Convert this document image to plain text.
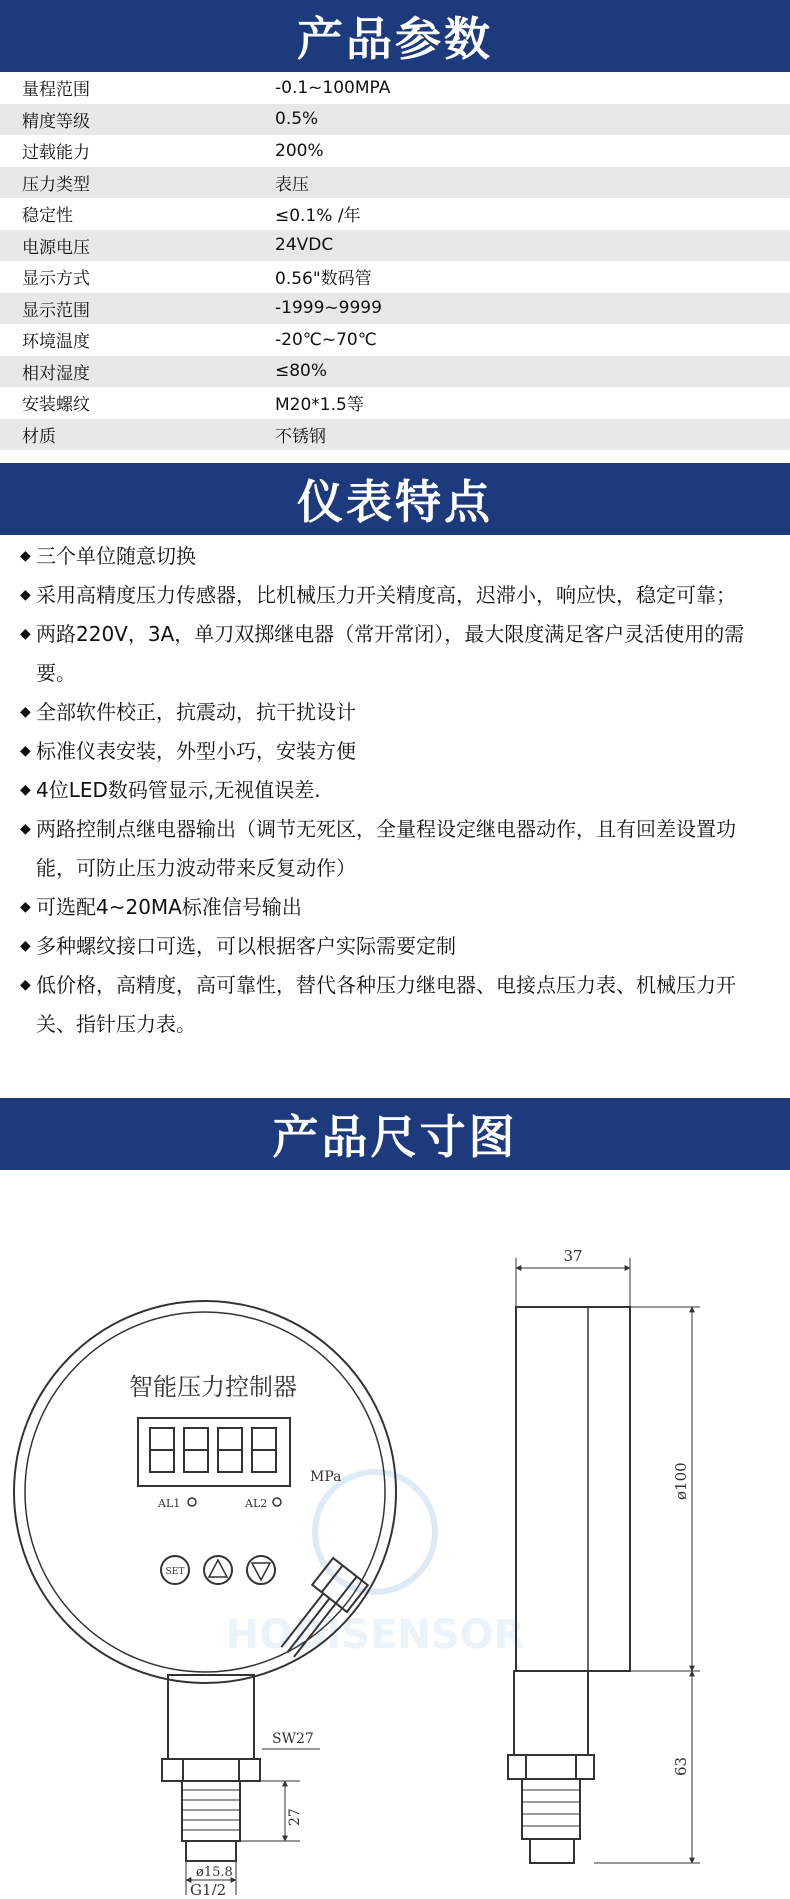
产品参数
量程范围	-0.1~100MPA
精度等级	0.5%
过载能力	200%
压力类型	表压
稳定性	≤0.1% /年
电源电压	24VDC
显示方式	0.56"数码管
显示范围	-1999~9999
环境温度	-20℃~70℃
相对湿度	≤80%
安装螺纹	M20*1.5等
材质	不锈钢
仪表特点
◆ 三个单位随意切换
◆ 采用高精度压力传感器，比机械压力开关精度高，迟滞小，响应快，稳定可靠；
◆ 两路220V，3A，单刀双掷继电器（常开常闭），最大限度满足客户灵活使用的需要。
◆ 全部软件校正，抗震动，抗干扰设计
◆ 标准仪表安装，外型小巧，安装方便
◆ 4位LED数码管显示,无视值误差.
◆ 两路控制点继电器输出（调节无死区，全量程设定继电器动作，且有回差设置功能，可防止压力波动带来反复动作）
◆ 可选配4~20MA标准信号输出
◆ 多种螺纹接口可选，可以根据客户实际需要定制
◆ 低价格，高精度，高可靠性，替代各种压力继电器、电接点压力表、机械压力开关、指针压力表。
产品尺寸图
HODISENSOR
智能压力控制器
MPa
AL1	AL2
SET
SW27
27
ø15.8
G1/2
37
ø100
63
